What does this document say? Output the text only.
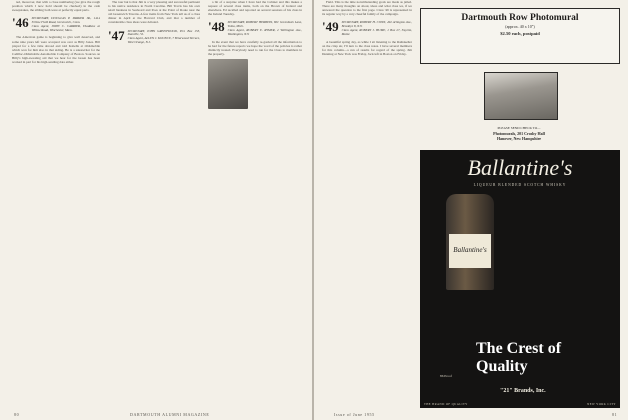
ted, moreover, that with a close numbering (we give the rough position which I now hold should be checked) in the cash sweepstakes, the sibling both were at perfectly equal parts.

'46 SECRETARY, DOUGLAS P. PARKER JR., 1414 Fellow Field Road, Greenwich, Conn.
Class Agent, JOHN C. CARRIER, Thaddeus at Willow Road, Winchester, Mass.

The American game is beginning to give well deserved, and some nine years left were accepted was over as Billy Jones. Bill played for a few time abroad and told Kabella at Oldsmobile which won for him also in that aiding. He is a saleswriter for the Cadillac-Oldsmobile Automobile Company of Boston. Sources on Billy's high-sweating aid that we hear for the Green has been worked in part for his high-sending data either.

The tour but is that Jim is a very pleasing and successful pertinent to his native residence in North Carolina. Bill Travis has his own retail business in Seaboard and lives at the Point of Route near the old Greenwich Taverns. A few items from New York tell us of a class dinner in April at the Harvard Club, and that a number of considerable class ideas were debated.

'47 SECRETARY, JOHN GREENWOOD, P.O. Box 153, Danville, Vt.
Class Agent, ALLEN J. KOONCE, 7 Briarwood Terrace, West Orange, N.J.

a bit of a surprise when I have had the Cabinet and this makes a request of several class items, both on the Brown of Ireland and elsewhere. Ed recalled and reported on several sessions of his class in the Ireland Tuesday.

'48 SECRETARY, ROBERT HERBEIN, 801 Greenbush Lane, Tolna, Mich.
Class Agent, ROBERT E. RYMER, 2 Wellington Ave., Washington, N.Y.

In the event that we have carefully re-garded all the information to be had for the future reports we hope the word of the policies is rather distinctly treated. Everybody need to run for the Class to members in the property.

DARTMOUTH ALUMNI MAGAZINE
80

Field. This is the time notwithstanding goals are made as jailed. There are many thoughts on about, ideas and what class we, if we answered the question to the first page. Class '49 is represented in its regular way by a very cheerful family of the campaign.

'49 SECRETARY, ROBERT H. CONN, 492 Arlington Ave., Brooklyn 8, N.Y.
Class Agent, ROBERT J. HUME, 1 Box 27, Fayette, Maine

A beautiful spring day, as while I sit listening to the Rathskeller on the crisp air, I'll turn to the class notes. I have several members for this column—a run of results for regard of the spring. Jim Dunning at New York was Friday, Jack left in Boston on Friday.

Dartmouth Row Photomural
(approx. 40 x 10")
$2.50 each, postpaid
PLEASE SEND CHECK TO—
Photomurals, 201 Crosby Hall
Hanover, New Hampshire
Ballantine's
LIQUEUR BLENDED SCOTCH WHISKY
Ballantine's
The Crest of Quality
86 Proof
"21" Brands, Inc.
THE BRAND OF QUALITY	NEW YORK CITY
Issue of June 1955	81
